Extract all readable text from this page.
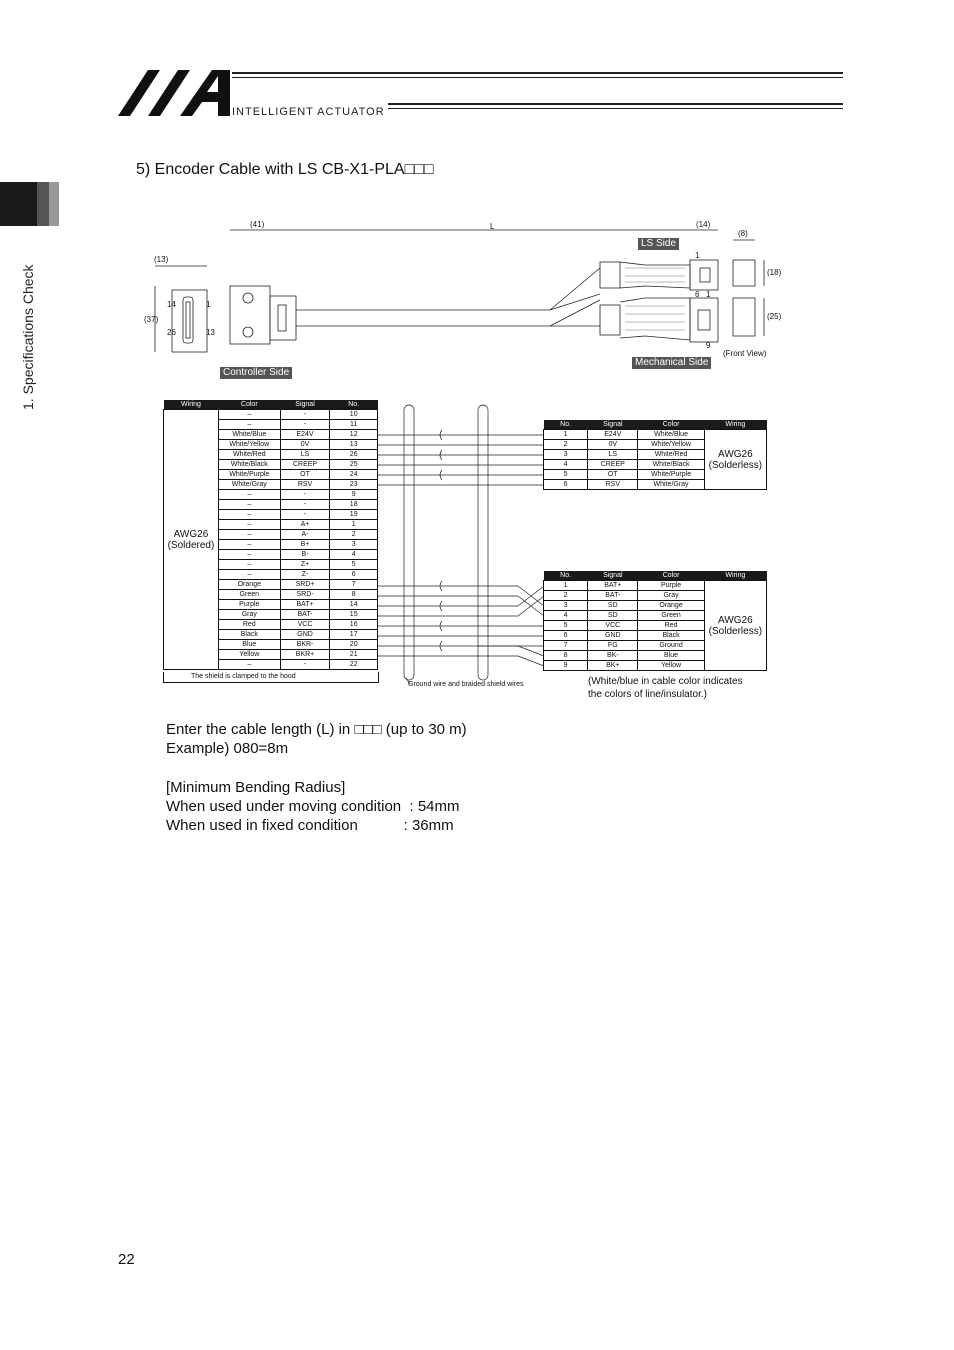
INTELLIGENT ACTUATOR
1. Specifications Check
5) Encoder Cable with LS CB-X1-PLA□□□
(41)	L	(14)
(8)
(13)
(37)
(18)
(25)
14	1
26	13
1
6 1
9
Controller Side
LS Side
Mechanical Side
(Front View)
Wiring	Color	Signal	No.

AWG26
(Soldered)	–	-	10
	–	-	11
	White/Blue	E24V	12
	White/Yellow	0V	13
	White/Red	LS	26
	White/Black	CREEP	25
	White/Purple	OT	24
	White/Gray	RSV	23
	–	-	9
	–	-	18
	–	-	19
	–	A+	1
	–	A-	2
	–	B+	3
	–	B-	4
	–	Z+	5
	–	Z-	6
	Orange	SRD+	7
	Green	SRD-	8
	Purple	BAT+	14
	Gray	BAT-	15
	Red	VCC	16
	Black	GND	17
	Blue	BKR-	20
	Yellow	BKR+	21
	–	-	22
The shield is clamped to the hood
No.	Signal	Color	Wiring
1	E24V	White/Blue	AWG26
(Solderless)

2	0V	White/Yellow	
3	LS	White/Red	
4	CREEP	White/Black	
5	OT	White/Purple	
6	RSV	White/Gray	
No.	Signal	Color	Wiring
1	BAT+	Purple	AWG26
(Solderless)

2	BAT-	Gray	
3	SD	Orange	
4	SD	Green	
5	VCC	Red	
6	GND	Black	
7	FG	Ground	
8	BK-	Blue	
9	BK+	Yellow	
Ground wire and braided shield wires	(White/blue in cable color indicates
the colors of line/insulator.)
Enter the cable length (L) in □□□ (up to 30 m)
Example) 080=8m
[Minimum Bending Radius]
When used under moving condition  : 54mm
When used in fixed condition           : 36mm
22
